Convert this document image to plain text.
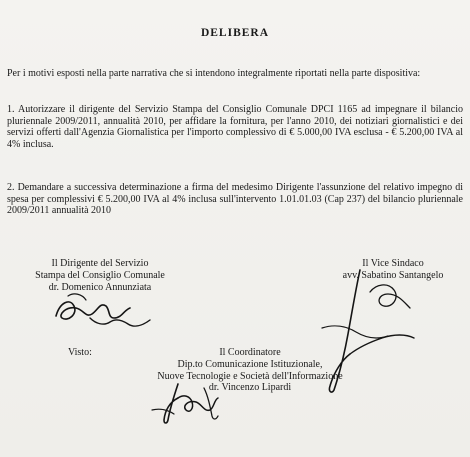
DELIBERA
Per i motivi esposti nella parte narrativa che si intendono integralmente riportati nella parte dispositiva:
1. Autorizzare il dirigente del Servizio Stampa del Consiglio Comunale DPCI 1165 ad impegnare il bilancio pluriennale 2009/2011, annualità 2010, per affidare la fornitura, per l'anno 2010, dei notiziari giornalistici e dei servizi offerti dall'Agenzia Giornalistica per l'importo complessivo di € 5.000,00 IVA esclusa - € 5.200,00 IVA al 4% inclusa.
2. Demandare a successiva determinazione a firma del medesimo Dirigente l'assunzione del relativo impegno di spesa per complessivi € 5.200,00 IVA al 4% inclusa sull'intervento 1.01.01.03 (Cap 237) del bilancio pluriennale 2009/2011 annualità 2010
Il Dirigente del Servizio
Stampa del Consiglio Comunale
dr. Domenico Annunziata
Il Vice Sindaco
avv. Sabatino Santangelo
Visto:	Il Coordinatore
Dip.to Comunicazione Istituzionale,
Nuove Tecnologie e Società dell'Informazione
dr. Vincenzo Lipardi
